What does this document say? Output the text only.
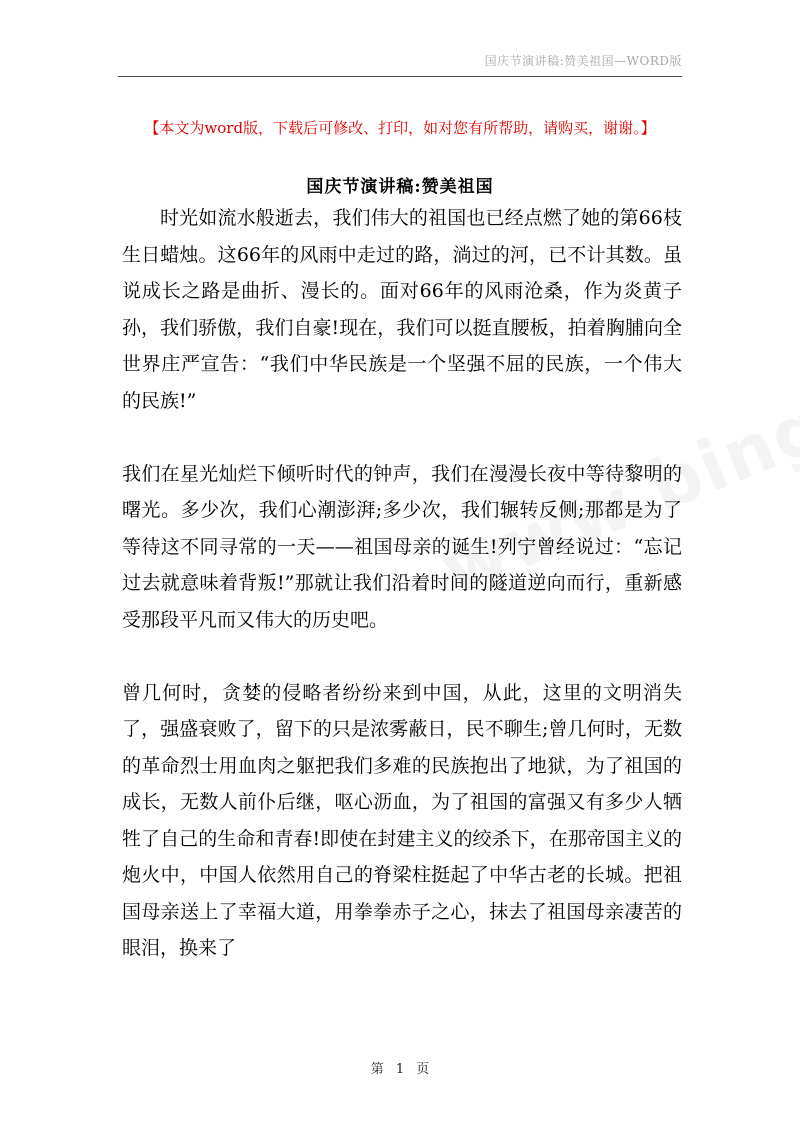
国庆节演讲稿:赞美祖国—WORD版
【本文为word版，下载后可修改、打印，如对您有所帮助，请购买，谢谢。】
国庆节演讲稿:赞美祖国

时光如流水般逝去，我们伟大的祖国也已经点燃了她的第66枝生日蜡烛。这66年的风雨中走过的路，淌过的河，已不计其数。虽说成长之路是曲折、漫长的。面对66年的风雨沧桑，作为炎黄子孙，我们骄傲，我们自豪!现在，我们可以挺直腰板，拍着胸脯向全世界庄严宣告：“我们中华民族是一个坚强不屈的民族，一个伟大的民族!”

我们在星光灿烂下倾听时代的钟声，我们在漫漫长夜中等待黎明的曙光。多少次，我们心潮澎湃;多少次，我们辗转反侧;那都是为了等待这不同寻常的一天——祖国母亲的诞生!列宁曾经说过：“忘记过去就意味着背叛!”那就让我们沿着时间的隧道逆向而行，重新感受那段平凡而又伟大的历史吧。

曾几何时，贪婪的侵略者纷纷来到中国，从此，这里的文明消失了，强盛衰败了，留下的只是浓雾蔽日，民不聊生;曾几何时，无数的革命烈士用血肉之躯把我们多难的民族抱出了地狱，为了祖国的成长，无数人前仆后继，呕心沥血，为了祖国的富强又有多少人牺牲了自己的生命和青春!即使在封建主义的绞杀下，在那帝国主义的炮火中，中国人依然用自己的脊梁柱挺起了中华古老的长城。把祖国母亲送上了幸福大道，用拳拳赤子之心，抹去了祖国母亲凄苦的眼泪，换来了

第 1 页
